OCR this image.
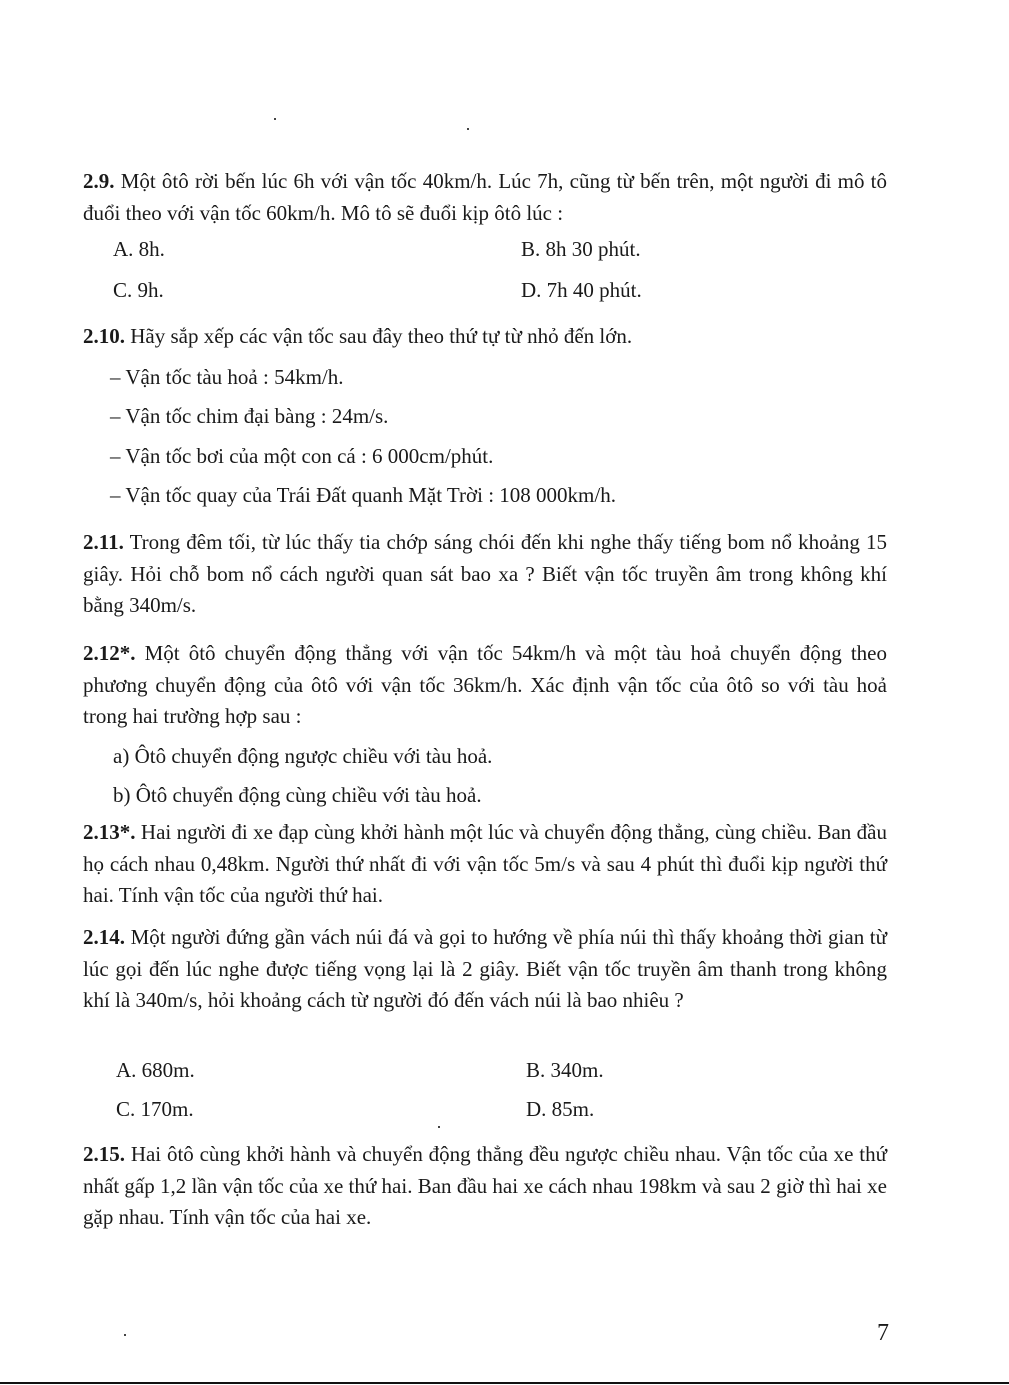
2.9. Một ôtô rời bến lúc 6h với vận tốc 40km/h. Lúc 7h, cũng từ bến trên, một người đi mô tô đuổi theo với vận tốc 60km/h. Mô tô sẽ đuổi kịp ôtô lúc :
A. 8h.	B. 8h 30 phút.
C. 9h.	D. 7h 40 phút.
2.10. Hãy sắp xếp các vận tốc sau đây theo thứ tự từ nhỏ đến lớn.
– Vận tốc tàu hoả : 54km/h.
– Vận tốc chim đại bàng : 24m/s.
– Vận tốc bơi của một con cá : 6 000cm/phút.
– Vận tốc quay của Trái Đất quanh Mặt Trời : 108 000km/h.
2.11. Trong đêm tối, từ lúc thấy tia chớp sáng chói đến khi nghe thấy tiếng bom nổ khoảng 15 giây. Hỏi chỗ bom nổ cách người quan sát bao xa ? Biết vận tốc truyền âm trong không khí bằng 340m/s.
2.12*. Một ôtô chuyển động thẳng với vận tốc 54km/h và một tàu hoả chuyển động theo phương chuyển động của ôtô với vận tốc 36km/h. Xác định vận tốc của ôtô so với tàu hoả trong hai trường hợp sau :
a) Ôtô chuyển động ngược chiều với tàu hoả.
b) Ôtô chuyển động cùng chiều với tàu hoả.
2.13*. Hai người đi xe đạp cùng khởi hành một lúc và chuyển động thẳng, cùng chiều. Ban đầu họ cách nhau 0,48km. Người thứ nhất đi với vận tốc 5m/s và sau 4 phút thì đuổi kịp người thứ hai. Tính vận tốc của người thứ hai.
2.14. Một người đứng gần vách núi đá và gọi to hướng về phía núi thì thấy khoảng thời gian từ lúc gọi đến lúc nghe được tiếng vọng lại là 2 giây. Biết vận tốc truyền âm thanh trong không khí là 340m/s, hỏi khoảng cách từ người đó đến vách núi là bao nhiêu ?
A. 680m.	B. 340m.
C. 170m.	D. 85m.
2.15. Hai ôtô cùng khởi hành và chuyển động thẳng đều ngược chiều nhau. Vận tốc của xe thứ nhất gấp 1,2 lần vận tốc của xe thứ hai. Ban đầu hai xe cách nhau 198km và sau 2 giờ thì hai xe gặp nhau. Tính vận tốc của hai xe.
7
